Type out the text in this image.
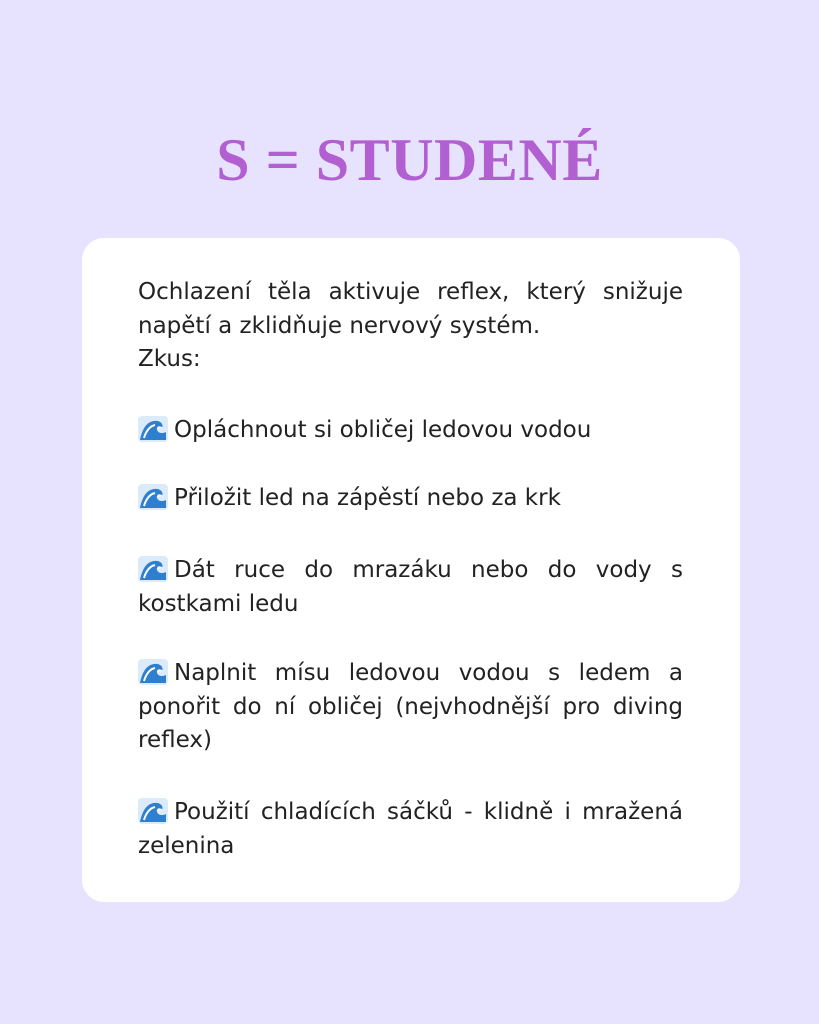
S = STUDENÉ

Ochlazení těla aktivuje reflex, který snižuje napětí a zklidňuje nervový systém.
Zkus:

Opláchnout si obličej ledovou vodou

Přiložit led na zápěstí nebo za krk

Dát ruce do mrazáku nebo do vody s kostkami ledu

Naplnit mísu ledovou vodou s ledem a ponořit do ní obličej (nejvhodnější pro diving reflex)

Použití chladících sáčků - klidně i mražená zelenina
